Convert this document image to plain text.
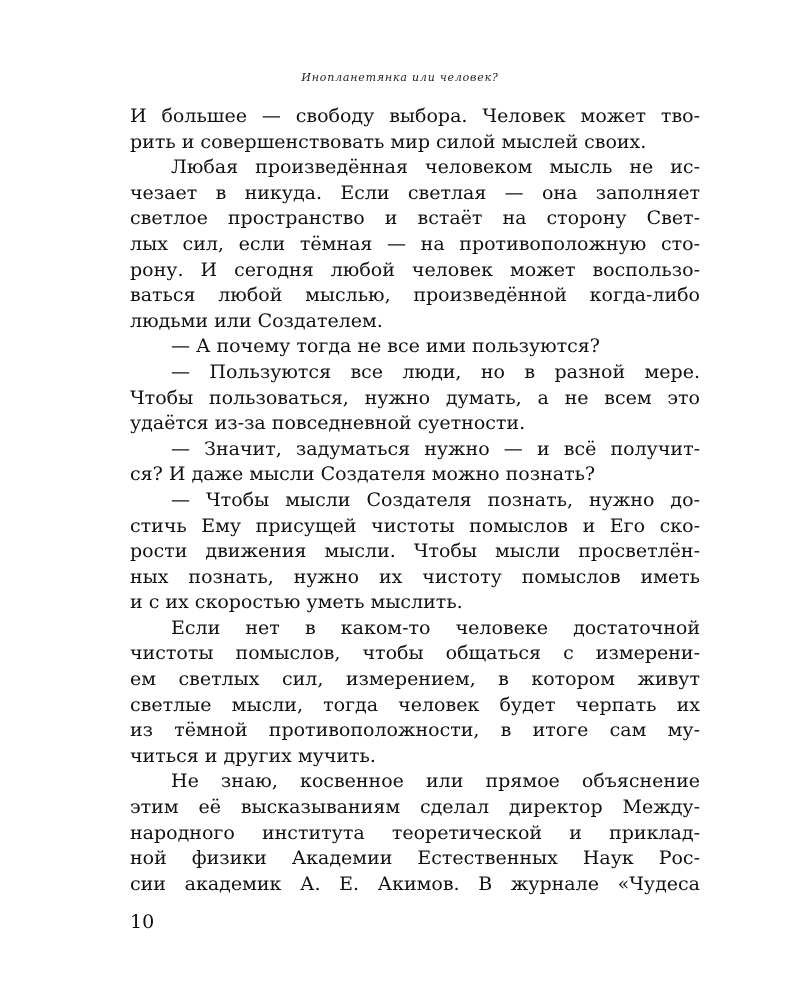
Инопланетянка или человек?
И большее — свободу выбора. Человек может тво-
рить и совершенствовать мир силой мыслей своих.
Любая произведённая человеком мысль не ис-
чезает в никуда. Если светлая — она заполняет
светлое пространство и встаёт на сторону Свет-
лых сил, если тёмная — на противоположную сто-
рону. И сегодня любой человек может воспользо-
ваться любой мыслью, произведённой когда-либо
людьми или Создателем.
— А почему тогда не все ими пользуются?
— Пользуются все люди, но в разной мере.
Чтобы пользоваться, нужно думать, а не всем это
удаётся из-за повседневной суетности.
— Значит, задуматься нужно — и всё получит-
ся? И даже мысли Создателя можно познать?
— Чтобы мысли Создателя познать, нужно до-
стичь Ему присущей чистоты помыслов и Его ско-
рости движения мысли. Чтобы мысли просветлён-
ных познать, нужно их чистоту помыслов иметь
и с их скоростью уметь мыслить.
Если нет в каком-то человеке достаточной
чистоты помыслов, чтобы общаться с измерени-
ем светлых сил, измерением, в котором живут
светлые мысли, тогда человек будет черпать их
из тёмной противоположности, в итоге сам му-
читься и других мучить.
Не знаю, косвенное или прямое объяснение
этим её высказываниям сделал директор Между-
народного института теоретической и приклад-
ной физики Академии Естественных Наук Рос-
сии академик А. Е. Акимов. В журнале «Чудеса
10
